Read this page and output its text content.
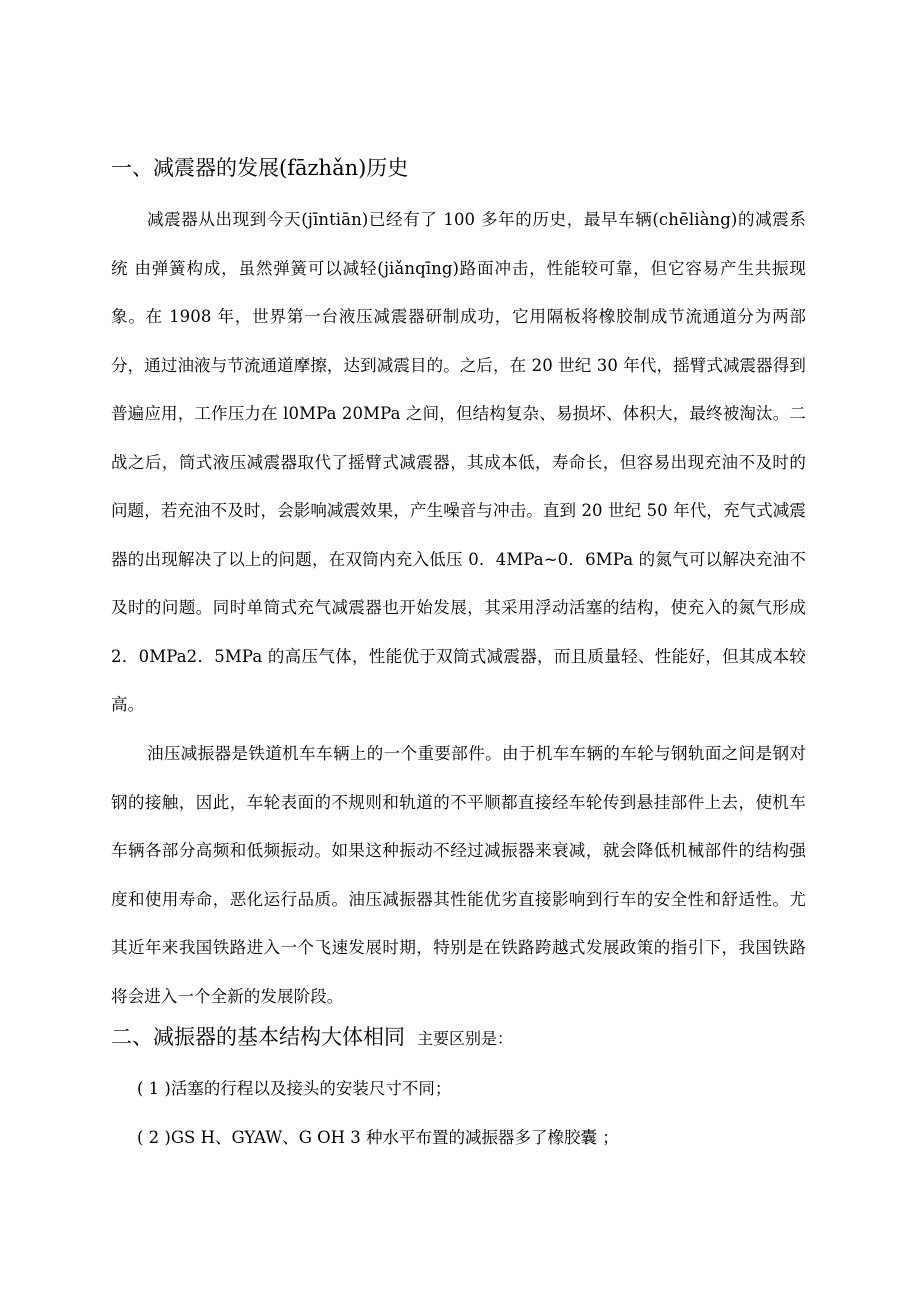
一、减震器的发展(fāzhǎn)历史
减震器从出现到今天(jīntiān)已经有了 100 多年的历史，最早车辆(chēliàng)的减震系统 由弹簧构成，虽然弹簧可以减轻(jiǎnqīng)路面冲击，性能较可靠，但它容易产生共振现象。在 1908 年，世界第一台液压减震器研制成功，它用隔板将橡胶制成节流通道分为两部分，通过油液与节流通道摩擦，达到减震目的。之后，在 20 世纪 30 年代，摇臂式减震器得到普遍应用，工作压力在 l0MPa 20MPa 之间，但结构复杂、易损坏、体积大，最终被淘汰。二战之后，筒式液压减震器取代了摇臂式减震器，其成本低，寿命长，但容易出现充油不及时的问题，若充油不及时，会影响减震效果，产生噪音与冲击。直到 20 世纪 50 年代，充气式减震器的出现解决了以上的问题，在双筒内充入低压 0．4MPa~0．6MPa 的氮气可以解决充油不及时的问题。同时单筒式充气减震器也开始发展，其采用浮动活塞的结构，使充入的氮气形成 2．0MPa2．5MPa 的高压气体，性能优于双筒式减震器，而且质量轻、性能好，但其成本较高。
油压减振器是铁道机车车辆上的一个重要部件。由于机车车辆的车轮与钢轨面之间是钢对钢的接触，因此，车轮表面的不规则和轨道的不平顺都直接经车轮传到悬挂部件上去，使机车车辆各部分高频和低频振动。如果这种振动不经过减振器来衰减，就会降低机械部件的结构强度和使用寿命，恶化运行品质。油压减振器其性能优劣直接影响到行车的安全性和舒适性。尤其近年来我国铁路进入一个飞速发展时期，特别是在铁路跨越式发展政策的指引下，我国铁路将会进入一个全新的发展阶段。
二、减振器的基本结构大体相同 主要区别是：
( 1 )活塞的行程以及接头的安装尺寸不同；
( 2 )GS H、GYAW、G OH 3 种水平布置的减振器多了橡胶囊 ；
